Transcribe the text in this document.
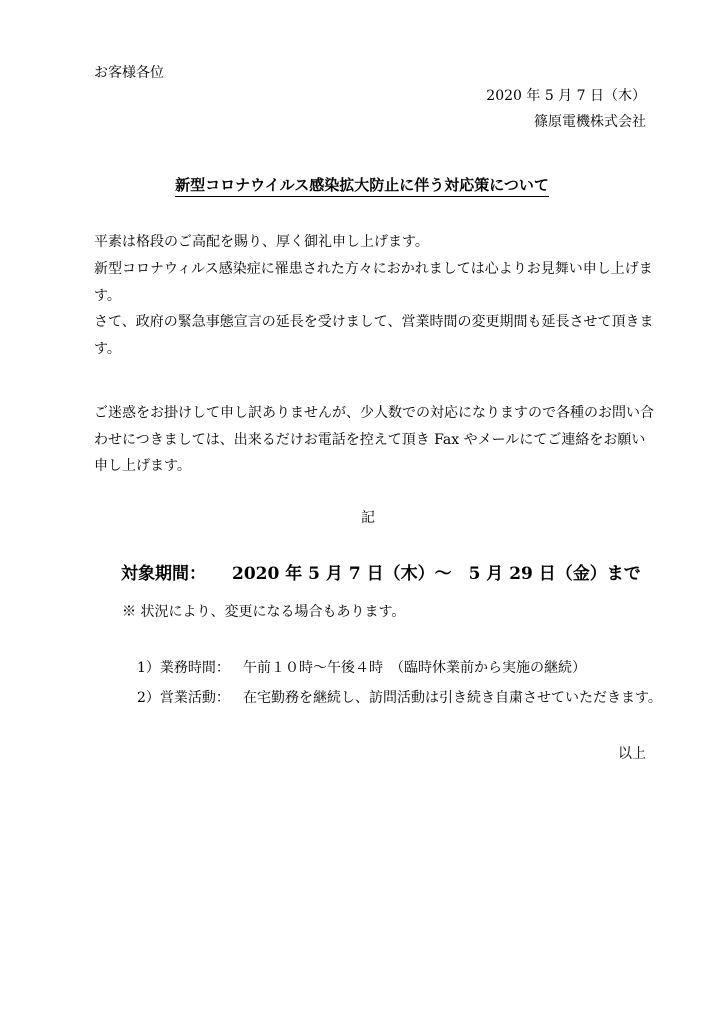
お客様各位
2020 年 5 月 7 日（木）
篠原電機株式会社
新型コロナウイルス感染拡大防止に伴う対応策について
平素は格段のご高配を賜り、厚く御礼申し上げます。
新型コロナウィルス感染症に罹患された方々におかれましては心よりお見舞い申し上げます。
さて、政府の緊急事態宣言の延長を受けまして、営業時間の変更期間も延長させて頂きます。
ご迷惑をお掛けして申し訳ありませんが、少人数での対応になりますので各種のお問い合わせにつきましては、出来るだけお電話を控えて頂き Fax やメールにてご連絡をお願い申し上げます。
記
対象期間： 2020 年 5 月 7 日（木）～　5 月 29 日（金）まで
※ 状況により、変更になる場合もあります。
1）業務時間： 午前１０時～午後４時　（臨時休業前から実施の継続）
2）営業活動： 在宅勤務を継続し、訪問活動は引き続き自粛させていただきます。
以上
